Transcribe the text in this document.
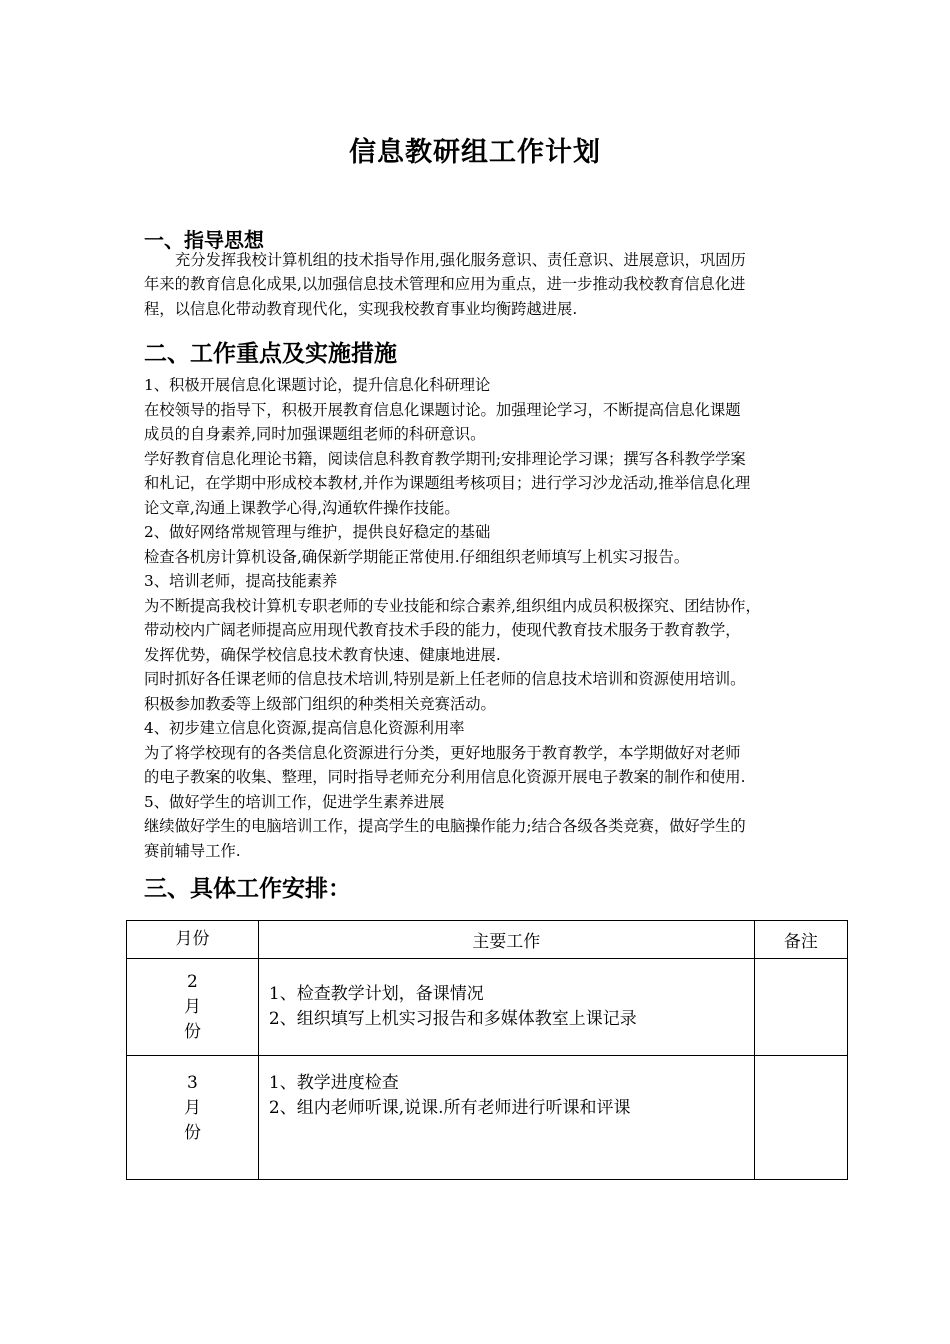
信息教研组工作计划
一、指导思想
充分发挥我校计算机组的技术指导作用,强化服务意识、责任意识、进展意识，巩固历
年来的教育信息化成果,以加强信息技术管理和应用为重点，进一步推动我校教育信息化进
程，以信息化带动教育现代化，实现我校教育事业均衡跨越进展.
二、工作重点及实施措施
1、积极开展信息化课题讨论，提升信息化科研理论
在校领导的指导下，积极开展教育信息化课题讨论。加强理论学习，不断提高信息化课题
成员的自身素养,同时加强课题组老师的科研意识。
学好教育信息化理论书籍，阅读信息科教育教学期刊;安排理论学习课；撰写各科教学学案
和札记，在学期中形成校本教材,并作为课题组考核项目；进行学习沙龙活动,推举信息化理
论文章,沟通上课教学心得,沟通软件操作技能。
2、做好网络常规管理与维护，提供良好稳定的基础
检查各机房计算机设备,确保新学期能正常使用.仔细组织老师填写上机实习报告。
3、培训老师，提高技能素养
为不断提高我校计算机专职老师的专业技能和综合素养,组织组内成员积极探究、团结协作，
带动校内广阔老师提高应用现代教育技术手段的能力，使现代教育技术服务于教育教学，
发挥优势，确保学校信息技术教育快速、健康地进展.
同时抓好各任课老师的信息技术培训,特别是新上任老师的信息技术培训和资源使用培训。
积极参加教委等上级部门组织的种类相关竞赛活动。
4、初步建立信息化资源,提高信息化资源利用率
为了将学校现有的各类信息化资源进行分类，更好地服务于教育教学，本学期做好对老师
的电子教案的收集、整理，同时指导老师充分利用信息化资源开展电子教案的制作和使用.
5、做好学生的培训工作，促进学生素养进展
继续做好学生的电脑培训工作，提高学生的电脑操作能力;结合各级各类竞赛，做好学生的
赛前辅导工作.
三、具体工作安排：
月份	主要工作	备注

2
月
份	1、检查教学计划，备课情况
2、组织填写上机实习报告和多媒体教室上课记录	

3
月
份	1、教学进度检查
2、组内老师听课,说课.所有老师进行听课和评课	
